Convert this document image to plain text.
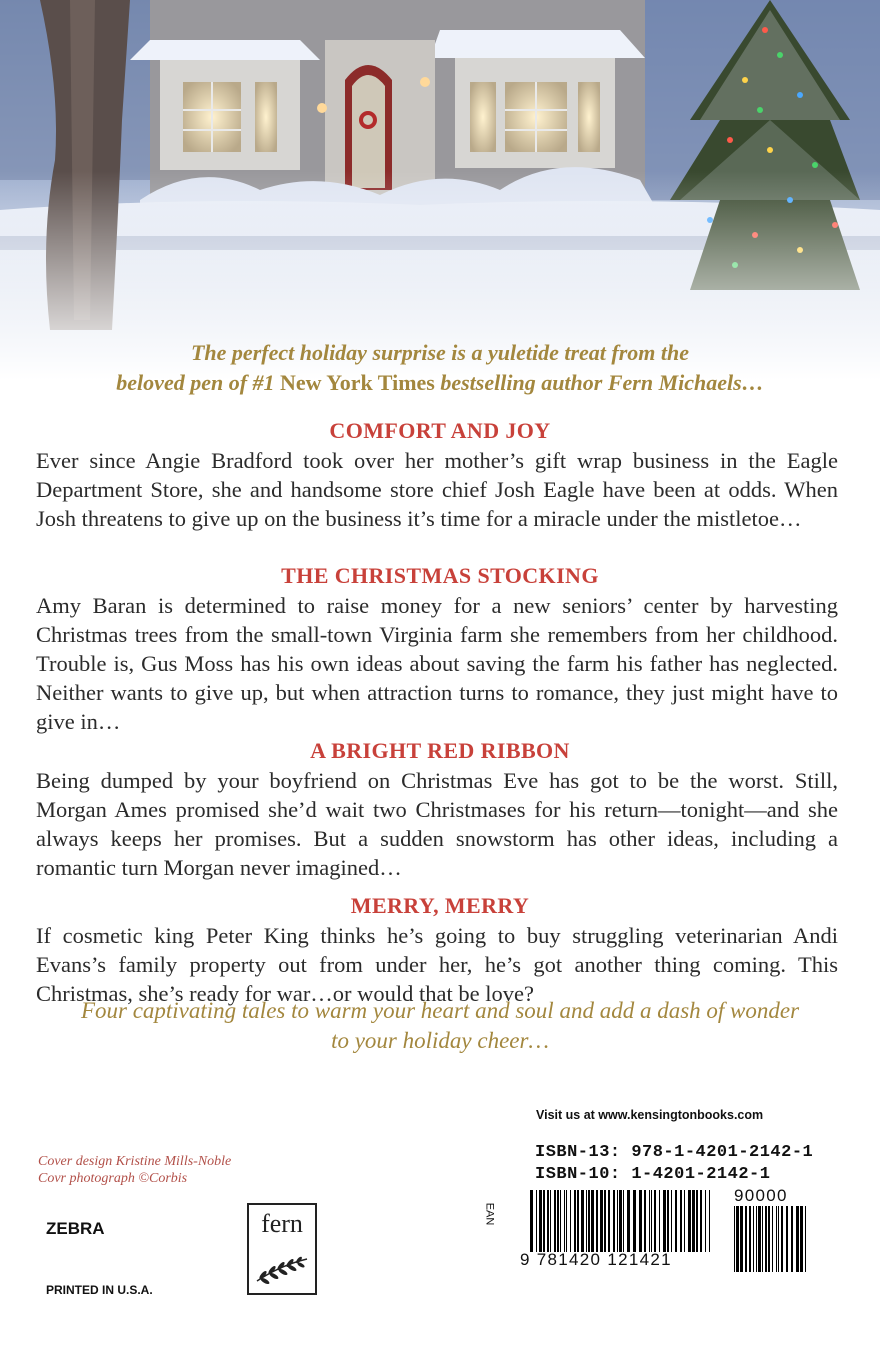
The perfect holiday surprise is a yuletide treat from the
beloved pen of #1 New York Times bestselling author Fern Michaels…
COMFORT AND JOY

Ever since Angie Bradford took over her mother’s gift wrap business in the Eagle Department Store, she and handsome store chief Josh Eagle have been at odds. When Josh threatens to give up on the business it’s time for a miracle under the mistletoe…

THE CHRISTMAS STOCKING

Amy Baran is determined to raise money for a new seniors’ center by harvesting Christmas trees from the small-town Virginia farm she remembers from her childhood. Trouble is, Gus Moss has his own ideas about saving the farm his father has neglected. Neither wants to give up, but when attraction turns to romance, they just might have to give in…

A BRIGHT RED RIBBON

Being dumped by your boyfriend on Christmas Eve has got to be the worst. Still, Morgan Ames promised she’d wait two Christmases for his return—tonight—and she always keeps her promises. But a sudden snowstorm has other ideas, including a romantic turn Morgan never imagined…

MERRY, MERRY

If cosmetic king Peter King thinks he’s going to buy struggling veterinarian Andi Evans’s family property out from under her, he’s got another thing coming. This Christmas, she’s ready for war…or would that be love?

Four captivating tales to warm your heart and soul and add a dash of wonder
to your holiday cheer…
Visit us at www.kensingtonbooks.com
Cover design Kristine Mills-Noble
Covr photograph ©Corbis
ZEBRA
PRINTED IN U.S.A.
fern
ISBN-13: 978-1-4201-2142-1
ISBN-10: 1-4201-2142-1
EAN
9 781420 121421
90000
